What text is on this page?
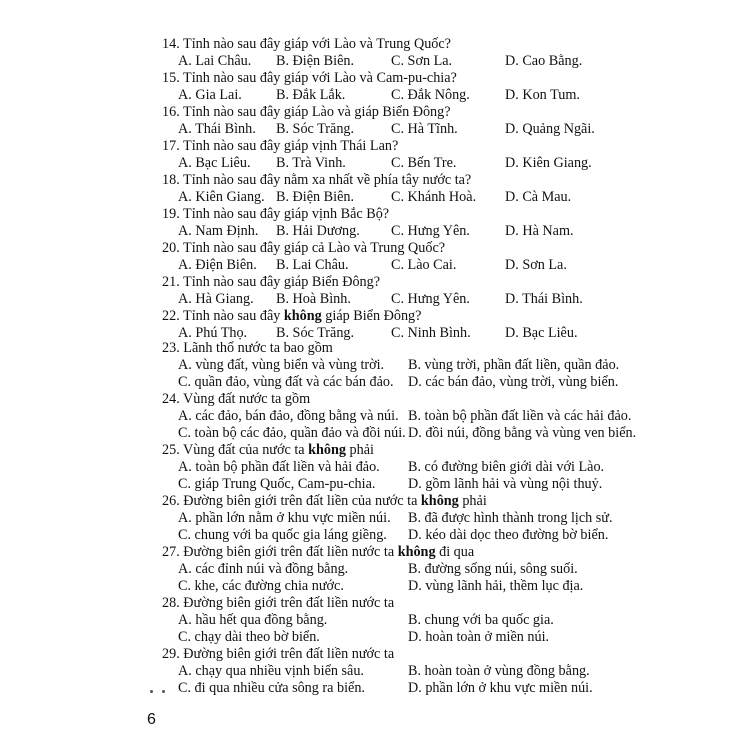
14. Tỉnh nào sau đây giáp với Lào và Trung Quốc?
A. Lai Châu. B. Điện Biên.	C. Sơn La.	D. Cao Bằng.
15. Tỉnh nào sau đây giáp với Lào và Cam-pu-chia?
A. Gia Lai. B. Đắk Lắk.	C. Đắk Nông. D. Kon Tum.
16. Tỉnh nào sau đây giáp Lào và giáp Biển Đông?
A. Thái Bình. B. Sóc Trăng.	C. Hà Tĩnh.	D. Quảng Ngãi.
17. Tỉnh nào sau đây giáp vịnh Thái Lan?
A. Bạc Liêu. B. Trà Vinh.	C. Bến Tre.	D. Kiên Giang.
18. Tỉnh nào sau đây nằm xa nhất về phía tây nước ta?
A. Kiên Giang. B. Điện Biên.	C. Khánh Hoà. D. Cà Mau.
19. Tỉnh nào sau đây giáp vịnh Bắc Bộ?
A. Nam Định. B. Hải Dương. C. Hưng Yên. D. Hà Nam.
20. Tỉnh nào sau đây giáp cả Lào và Trung Quốc?
A. Điện Biên. B. Lai Châu.	C. Lào Cai.	D. Sơn La.
21. Tỉnh nào sau đây giáp Biển Đông?
A. Hà Giang. B. Hoà Bình.	C. Hưng Yên. D. Thái Bình.
22. Tỉnh nào sau đây không giáp Biển Đông?
A. Phú Thọ. B. Sóc Trăng.	C. Ninh Bình. D. Bạc Liêu.
23. Lãnh thổ nước ta bao gồm
A. vùng đất, vùng biển và vùng trời. B. vùng trời, phần đất liền, quần đảo.
C. quần đảo, vùng đất và các bán đảo. D. các bán đảo, vùng trời, vùng biển.
24. Vùng đất nước ta gồm
A. các đảo, bán đảo, đồng bằng và núi. B. toàn bộ phần đất liền và các hải đảo.
C. toàn bộ các đảo, quần đảo và đồi núi. D. đồi núi, đồng bằng và vùng ven biển.
25. Vùng đất của nước ta không phải
A. toàn bộ phần đất liền và hải đảo. B. có đường biên giới dài với Lào.
C. giáp Trung Quốc, Cam-pu-chia. D. gồm lãnh hải và vùng nội thuỷ.
26. Đường biên giới trên đất liền của nước ta không phải
A. phần lớn nằm ở khu vực miền núi. B. đã được hình thành trong lịch sử.
C. chung với ba quốc gia láng giềng. D. kéo dài dọc theo đường bờ biển.
27. Đường biên giới trên đất liền nước ta không đi qua
A. các đỉnh núi và đồng bằng.	B. đường sống núi, sông suối.
C. khe, các đường chia nước.	D. vùng lãnh hải, thềm lục địa.
28. Đường biên giới trên đất liền nước ta
A. hầu hết qua đồng bằng.	B. chung với ba quốc gia.
C. chạy dài theo bờ biển.	D. hoàn toàn ở miền núi.
29. Đường biên giới trên đất liền nước ta
A. chạy qua nhiều vịnh biển sâu.	B. hoàn toàn ở vùng đồng bằng.
C. đi qua nhiều cửa sông ra biển.	D. phần lớn ở khu vực miền núi.
6
